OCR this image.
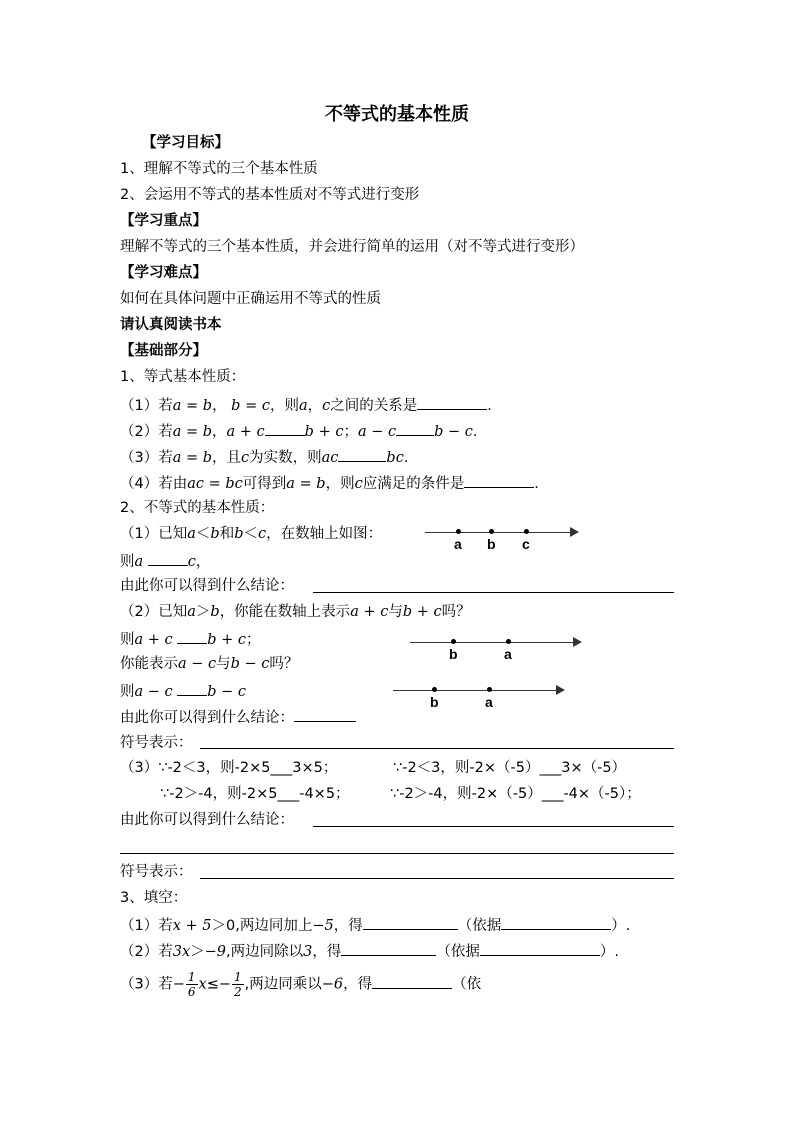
不等式的基本性质
【学习目标】
1、理解不等式的三个基本性质
2、会运用不等式的基本性质对不等式进行变形
【学习重点】
理解不等式的三个基本性质，并会进行简单的运用（对不等式进行变形）
【学习难点】
如何在具体问题中正确运用不等式的性质
请认真阅读书本
【基础部分】
1、等式基本性质：
（1）若a = b， b = c，则a，c之间的关系是	.
（2）若a = b，a + c	b + c；a − c	b − c.
（3）若a = b，且c为实数，则ac	bc.
（4）若由ac = bc可得到a = b，则c应满足的条件是	.
2、不等式的基本性质：
（1）已知a＜b和b＜c，在数轴上如图：
a b c
则a	c，
由此你可以得到什么结论：
（2）已知a＞b，你能在数轴上表示a + c与b + c吗？
则a + c b + c；
b	a
你能表示a − c与b − c吗？
则a − c b − c
b	a
由此你可以得到什么结论：
符号表示：
（3）∵-2＜3，则-2×5___3×5；	∵-2＜3，则-2×（-5）___3×（-5）
∵-2＞-4，则-2×5___-4×5；	∵-2＞-4，则-2×（-5）___-4×（-5）；
由此你可以得到什么结论：
符号表示：
3、填空：
（1）若x + 5＞0,两边同加上−5，得	（依据	）.
（2）若3x＞−9,两边同除以3，得	（依据	）.
（3）若− $\frac{1}{6} x\le- \frac{1}{2}$ ,两边同乘以−6，得	（依
